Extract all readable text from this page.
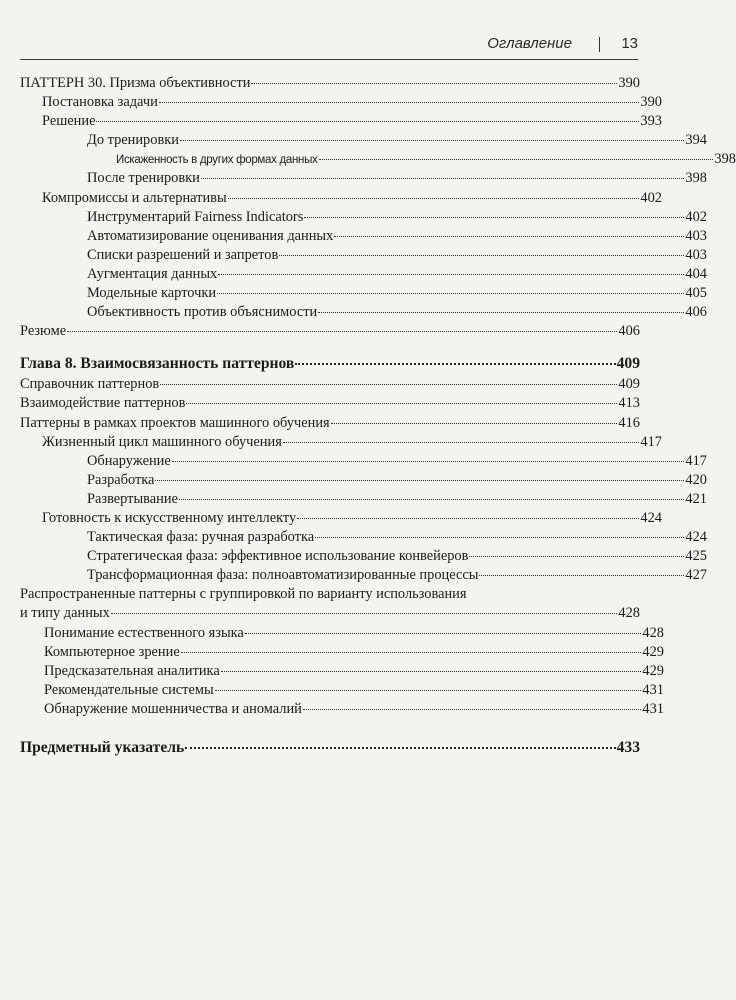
Оглавление	13
ПАТТЕРН 30. Призма объективности	390
Постановка задачи	390
Решение	393
До тренировки	394
Искаженность в других формах данных	398
После тренировки	398
Компромиссы и альтернативы	402
Инструментарий Fairness Indicators	402
Автоматизирование оценивания данных	403
Списки разрешений и запретов	403
Аугментация данных	404
Модельные карточки	405
Объективность против объяснимости	406
Резюме	406
Глава 8. Взаимосвязанность паттернов	409
Справочник паттернов	409
Взаимодействие паттернов	413
Паттерны в рамках проектов машинного обучения	416
Жизненный цикл машинного обучения	417
Обнаружение	417
Разработка	420
Развертывание	421
Готовность к искусственному интеллекту	424
Тактическая фаза: ручная разработка	424
Стратегическая фаза: эффективное использование конвейеров	425
Трансформационная фаза: полноавтоматизированные процессы	427
Распространенные паттерны с группировкой по варианту использования
и типу данных	428
Понимание естественного языка	428
Компьютерное зрение	429
Предсказательная аналитика	429
Рекомендательные системы	431
Обнаружение мошенничества и аномалий	431
Предметный указатель	433
